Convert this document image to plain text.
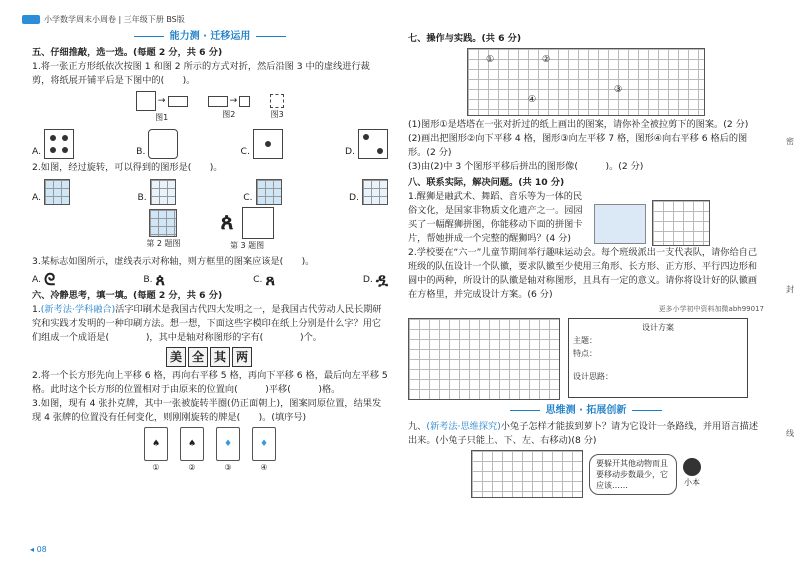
小学数学周末小周卷 | 三年级下册 BS版
能力测 · 迁移运用
五、仔细推敲，选一选。(每题 2 分，共 6 分)

1.将一张正方形纸依次按图 1 和图 2 所示的方式对折，然后沿图 3 中的虚线进行裁剪，将纸展开铺平后是下图中的(　　)。

→
图1
→
图2	图3
A.	B.	C.	D.

2.如图，经过旋转，可以得到的图形是(　　)。

A.	B.	C.	D.
第 2 题图
ጰ
第 3 题图

3.某标志如图所示，虚线表示对称轴，则方框里的图案应该是(　　)。

A. ᘓ	B. ጰ	C. ጸ	D. ዷ
六、冷静思考，填一填。(每题 2 分，共 6 分)

1.(新考法·学科融合)活字印刷术是我国古代四大发明之一，是我国古代劳动人民长期研究和实践才发明的一种印刷方法。想一想，下面这些字模印在纸上分别是什么字？用它们组成一个成语是(　　　　)，其中是轴对称图形的字有(　　　　)个。

美 全 其 两

2.将一个长方形先向上平移 6 格，再向右平移 5 格，再向下平移 6 格，最后向左平移 5 格。此时这个长方形的位置相对于由原来的位置向(　　　)平移(　　　)格。

3.如图，现有 4 张扑克牌，其中一张被旋转半圈(仍正面朝上)，图案同原位置，结果发现 4 张牌的位置没有任何变化，则刚刚旋转的牌是(　　)。(填序号)

♠
①
♠
②
♦
③
♦
④
◂ 08
七、操作与实践。(共 6 分)
①	②
③
④

(1)图形①是塔塔在一张对折过的纸上画出的图案，请你补全被拉剪下的图案。(2 分)

(2)画出把图形②向下平移 4 格，图形③向左平移 7 格，图形④向右平移 6 格后的图形。(2 分)

(3)由(2)中 3 个图形平移后拼出的图形像(　　　)。(2 分)

八、联系实际，解决问题。(共 10 分)

1.醒狮是融武术、舞蹈、音乐等为一体的民俗文化，是国家非物质文化遗产之一。园园买了一幅醒狮拼图，你能移动下面的拼图卡片，帮她拼成一个完整的醒狮吗？(4 分)

2.学校要在“六一”儿童节期间举行趣味运动会。每个班级派出一支代表队，请你给自己班级的队伍设计一个队徽，要求队徽至少使用三角形、长方形、正方形、平行四边形和圆中的两种，所设计的队徽是轴对称图形，且具有一定的意义。请你将设计好的队徽画在方格里，并完成设计方案。(6 分)

更多小学初中资料加微abh99017
设计方案
主题：
特点：
设计思路：
思维测 · 拓展创新

九、(新考法·思维探究)小兔子怎样才能拔到萝卜？请为它设计一条路线，并用语言描述出来。(小兔子只能上、下、左、右移动)(8 分)

要躲开其他动物而且要移动步数最少，它应该……	小本
密
封
线
